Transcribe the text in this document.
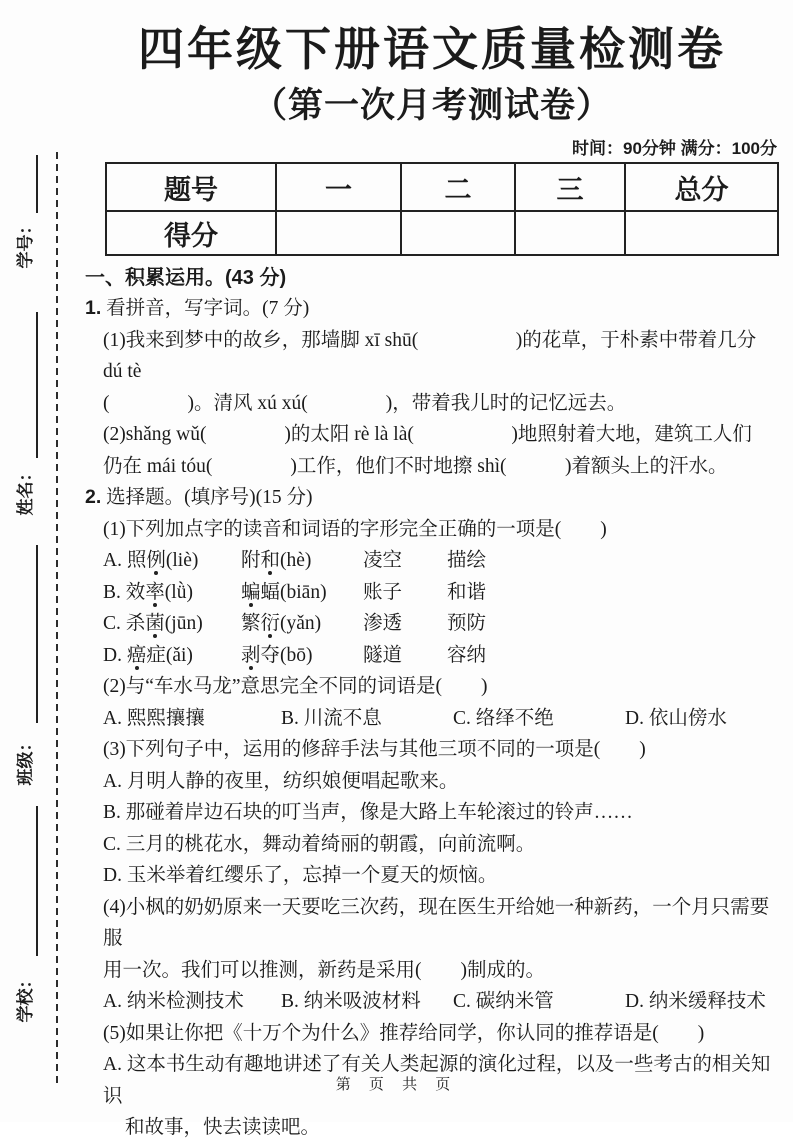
学号：
姓名：
班级：
学校：
四年级下册语文质量检测卷
（第一次月考测试卷）
时间：90分钟 满分：100分
题号	一	二	三	总分
得分				
一、积累运用。(43 分)
1. 看拼音，写字词。(7 分)
(1)我来到梦中的故乡，那墙脚 xī shū(　　　　　)的花草，于朴素中带着几分 dú tè
(　　　　)。清风 xú xú(　　　　)，带着我儿时的记忆远去。
(2)shǎng wǔ(　　　　)的太阳 rè là là(　　　　　)地照射着大地，建筑工人们
仍在 mái tóu(　　　　)工作，他们不时地擦 shì(　　　)着额头上的汗水。
2. 选择题。(填序号)(15 分)
(1)下列加点字的读音和词语的字形完全正确的一项是(　　)
A. 照例(liè)	附和(hè)	凌空	描绘
B. 效率(lǜ)	蝙蝠(biān)	账子	和谐
C. 杀菌(jūn)	繁衍(yǎn)	渗透	预防
D. 癌症(ǎi)	剥夺(bō)	隧道	容纳
(2)与“车水马龙”意思完全不同的词语是(　　)
A. 熙熙攘攘	B. 川流不息	C. 络绎不绝	D. 依山傍水
(3)下列句子中，运用的修辞手法与其他三项不同的一项是(　　)
A. 月明人静的夜里，纺织娘便唱起歌来。
B. 那碰着岸边石块的叮当声，像是大路上车轮滚过的铃声……
C. 三月的桃花水，舞动着绮丽的朝霞，向前流啊。
D. 玉米举着红缨乐了，忘掉一个夏天的烦恼。
(4)小枫的奶奶原来一天要吃三次药，现在医生开给她一种新药，一个月只需要服
用一次。我们可以推测，新药是采用(　　)制成的。
A. 纳米检测技术	B. 纳米吸波材料	C. 碳纳米管	D. 纳米缓释技术
(5)如果让你把《十万个为什么》推荐给同学，你认同的推荐语是(　　)
A. 这本书生动有趣地讲述了有关人类起源的演化过程，以及一些考古的相关知识
和故事，快去读读吧。
第 页 共 页
